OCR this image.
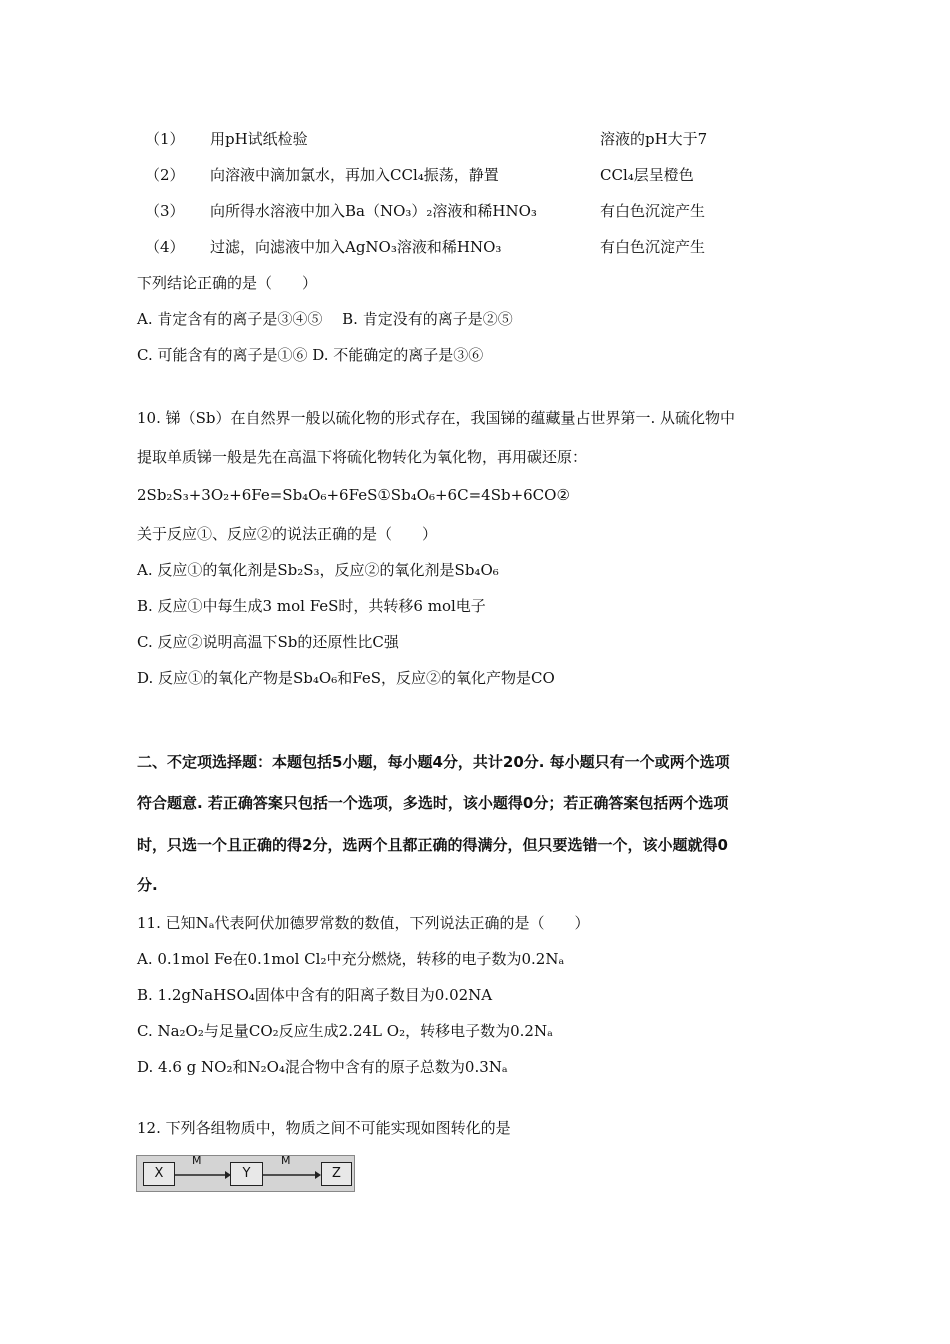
（1） 用pH试纸检验	溶液的pH大于7
（2） 向溶液中滴加氯水，再加入CCl₄振荡，静置	CCl₄层呈橙色
（3） 向所得水溶液中加入Ba（NO₃）₂溶液和稀HNO₃	有白色沉淀产生
（4） 过滤，向滤液中加入AgNO₃溶液和稀HNO₃	有白色沉淀产生
下列结论正确的是（　　）
A. 肯定含有的离子是③④⑤　 B. 肯定没有的离子是②⑤
C. 可能含有的离子是①⑥ D. 不能确定的离子是③⑥
10. 锑（Sb）在自然界一般以硫化物的形式存在，我国锑的蕴藏量占世界第一. 从硫化物中
提取单质锑一般是先在高温下将硫化物转化为氧化物，再用碳还原：
2Sb₂S₃+3O₂+6Fe=Sb₄O₆+6FeS①Sb₄O₆+6C=4Sb+6CO②
关于反应①、反应②的说法正确的是（　　）
A. 反应①的氧化剂是Sb₂S₃，反应②的氧化剂是Sb₄O₆
B. 反应①中每生成3 mol FeS时，共转移6 mol电子
C. 反应②说明高温下Sb的还原性比C强
D. 反应①的氧化产物是Sb₄O₆和FeS，反应②的氧化产物是CO
二、不定项选择题：本题包括5小题，每小题4分，共计20分. 每小题只有一个或两个选项
符合题意. 若正确答案只包括一个选项，多选时，该小题得0分；若正确答案包括两个选项
时，只选一个且正确的得2分，选两个且都正确的得满分，但只要选错一个，该小题就得0
分.
11. 已知Nₐ代表阿伏加德罗常数的数值，下列说法正确的是（　　）
A. 0.1mol Fe在0.1mol Cl₂中充分燃烧，转移的电子数为0.2Nₐ
B. 1.2gNaHSO₄固体中含有的阳离子数目为0.02NA
C. Na₂O₂与足量CO₂反应生成2.24L O₂，转移电子数为0.2Nₐ
D. 4.6 g NO₂和N₂O₄混合物中含有的原子总数为0.3Nₐ
12. 下列各组物质中，物质之间不可能实现如图转化的是
X
M
Y
M
Z
